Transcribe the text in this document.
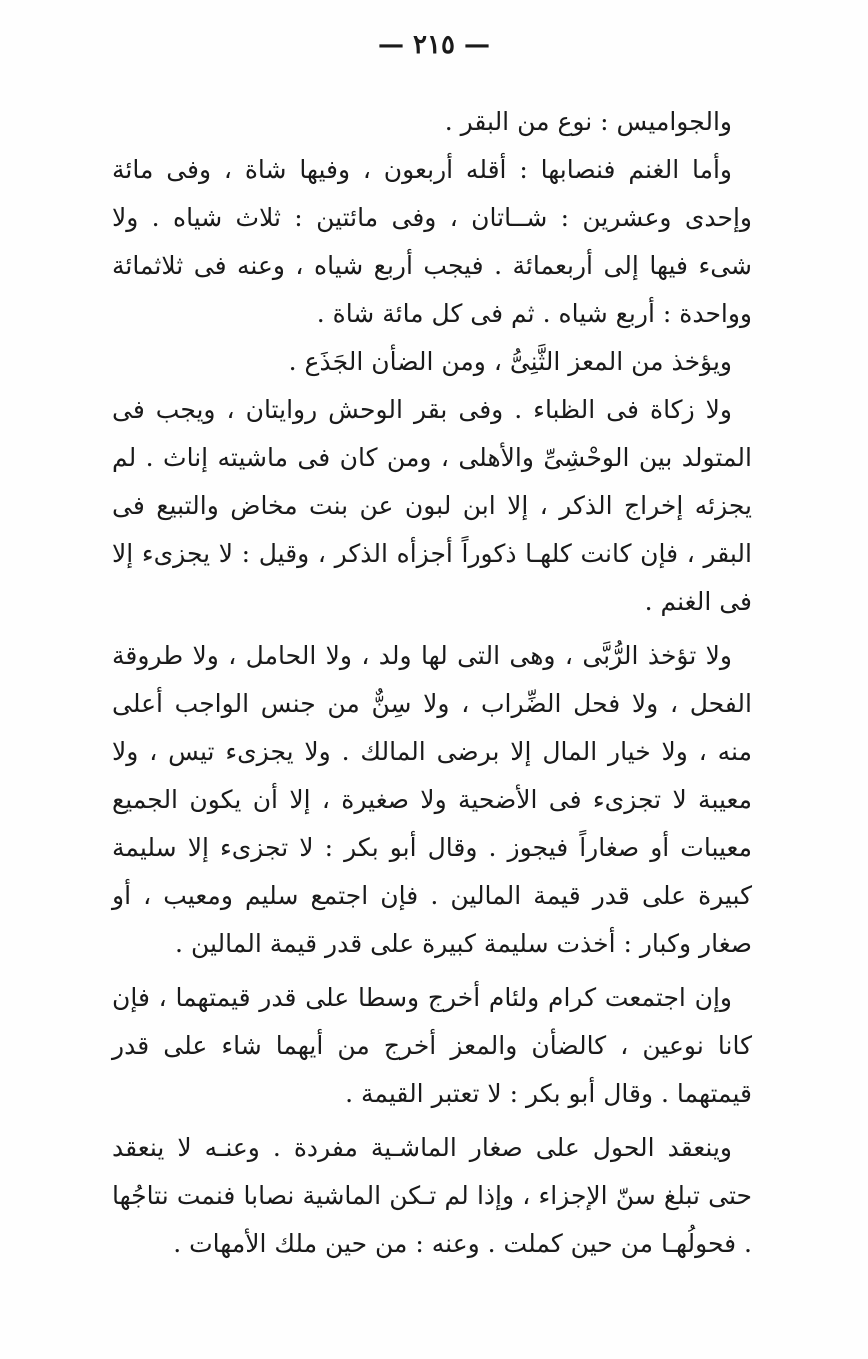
— ٢١٥ —

والجواميس : نوع من البقر .

وأما الغنم فنصابها : أقله أربعون ، وفيها شاة ، وفى مائة وإحدى وعشرين : شــاتان ، وفى مائتين : ثلاث شياه . ولا شىء فيها إلى أربعمائة . فيجب أربع شياه ، وعنه فى ثلاثمائة وواحدة : أربع شياه . ثم فى كل مائة شاة .

ويؤخذ من المعز الثَّنِىُّ ، ومن الضأن الجَذَع .

ولا زكاة فى الظباء . وفى بقر الوحش روايتان ، ويجب فى المتولد بين الوحْشِىِّ والأهلى ، ومن كان فى ماشيته إناث . لم يجزئه إخراج الذكر ، إلا ابن لبون عن بنت مخاض والتبيع فى البقر ، فإن كانت كلهـا ذكوراً أجزأه الذكر ، وقيل : لا يجزىء إلا فى الغنم .

ولا تؤخذ الرُّبَّى ، وهى التى لها ولد ، ولا الحامل ، ولا طروقة الفحل ، ولا فحل الضِّراب ، ولا سِنٌّ من جنس الواجب أعلى منه ، ولا خيار المال إلا برضى المالك . ولا يجزىء تيس ، ولا معيبة لا تجزىء فى الأضحية ولا صغيرة ، إلا أن يكون الجميع معيبات أو صغاراً فيجوز . وقال أبو بكر : لا تجزىء إلا سليمة كبيرة على قدر قيمة المالين . فإن اجتمع سليم ومعيب ، أو صغار وكبار : أخذت سليمة كبيرة على قدر قيمة المالين .

وإن اجتمعت كرام ولئام أخرج وسطا على قدر قيمتهما ، فإن كانا نوعين ، كالضأن والمعز أخرج من أيهما شاء على قدر قيمتهما . وقال أبو بكر : لا تعتبر القيمة .

وينعقد الحول على صغار الماشـية مفردة . وعنـه لا ينعقد حتى تبلغ سنّ الإجزاء ، وإذا لم تـكن الماشية نصابا فنمت نتاجُها . فحولُهـا من حين كملت . وعنه : من حين ملك الأمهات .
